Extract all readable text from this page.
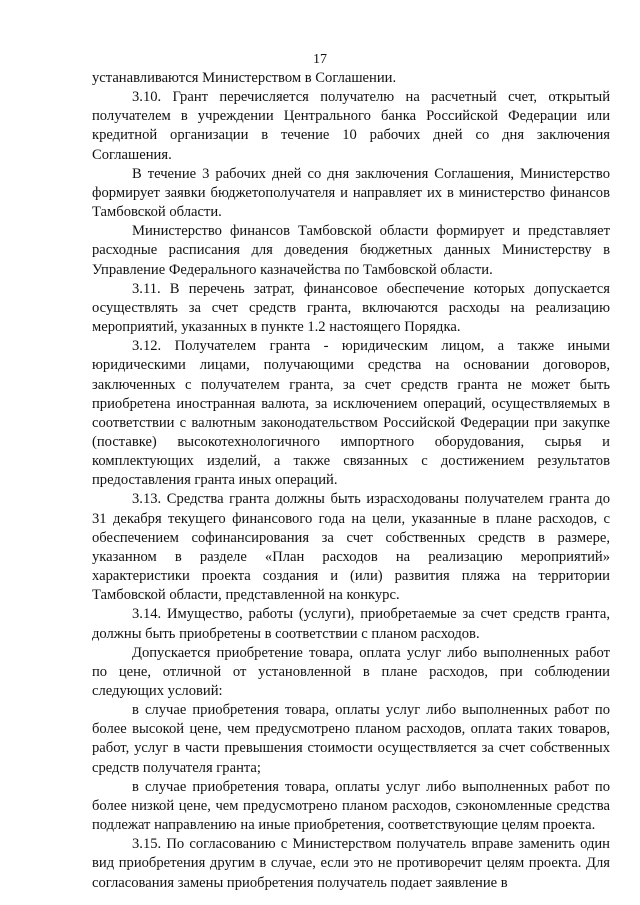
17

устанавливаются Министерством в Соглашении.

3.10. Грант перечисляется получателю на расчетный счет, открытый получателем в учреждении Центрального банка Российской Федерации или кредитной организации в течение 10 рабочих дней со дня заключения Соглашения.

В течение 3 рабочих дней со дня заключения Соглашения, Министерство формирует заявки бюджетополучателя и направляет их в министерство финансов Тамбовской области.

Министерство финансов Тамбовской области формирует и представляет расходные расписания для доведения бюджетных данных Министерству в Управление Федерального казначейства по Тамбовской области.

3.11. В перечень затрат, финансовое обеспечение которых допускается осуществлять за счет средств гранта, включаются расходы на реализацию мероприятий, указанных в пункте 1.2 настоящего Порядка.

3.12. Получателем гранта - юридическим лицом, а также иными юридическими лицами, получающими средства на основании договоров, заключенных с получателем гранта, за счет средств гранта не может быть приобретена иностранная валюта, за исключением операций, осуществляемых в соответствии с валютным законодательством Российской Федерации при закупке (поставке) высокотехнологичного импортного оборудования, сырья и комплектующих изделий, а также связанных с достижением результатов предоставления гранта иных операций.

3.13. Средства гранта должны быть израсходованы получателем гранта до 31 декабря текущего финансового года на цели, указанные в плане расходов, с обеспечением софинансирования за счет собственных средств в размере, указанном в разделе «План расходов на реализацию мероприятий» характеристики проекта создания и (или) развития пляжа на территории Тамбовской области, представленной на конкурс.

3.14. Имущество, работы (услуги), приобретаемые за счет средств гранта, должны быть приобретены в соответствии с планом расходов.

Допускается приобретение товара, оплата услуг либо выполненных работ по цене, отличной от установленной в плане расходов, при соблюдении следующих условий:

в случае приобретения товара, оплаты услуг либо выполненных работ по более высокой цене, чем предусмотрено планом расходов, оплата таких товаров, работ, услуг в части превышения стоимости осуществляется за счет собственных средств получателя гранта;

в случае приобретения товара, оплаты услуг либо выполненных работ по более низкой цене, чем предусмотрено планом расходов, сэкономленные средства подлежат направлению на иные приобретения, соответствующие целям проекта.

3.15. По согласованию с Министерством получатель вправе заменить один вид приобретения другим в случае, если это не противоречит целям проекта. Для согласования замены приобретения получатель подает заявление в
